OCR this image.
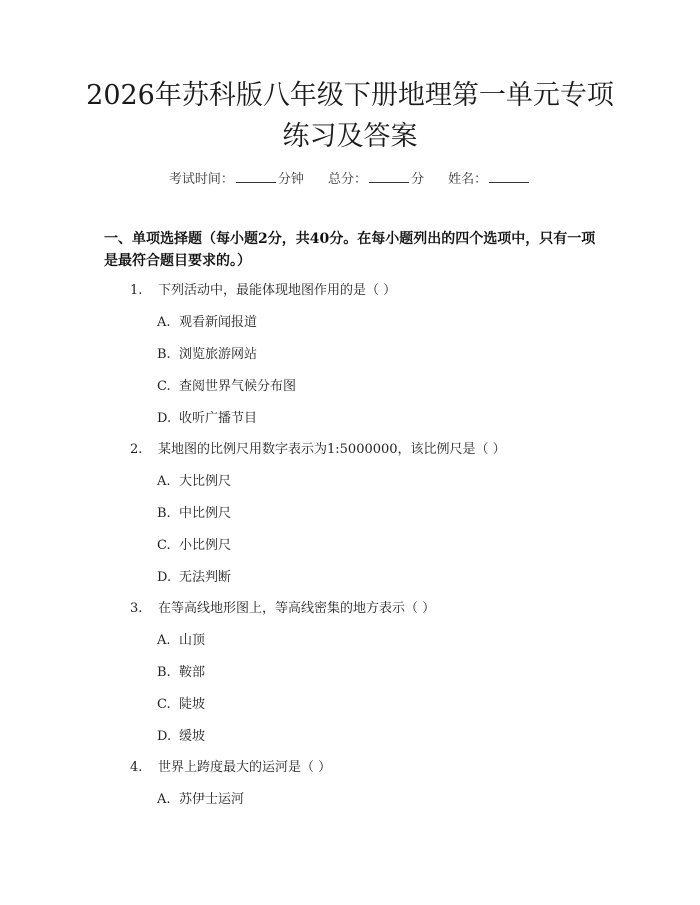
2026年苏科版八年级下册地理第一单元专项
练习及答案
考试时间：	分钟 总分：	分 姓名：
一、单项选择题（每小题2分，共40分。在每小题列出的四个选项中，只有一项是最符合题目要求的。）
1. 下列活动中，最能体现地图作用的是（ ）
A. 观看新闻报道
B. 浏览旅游网站
C. 查阅世界气候分布图
D. 收听广播节目
2. 某地图的比例尺用数字表示为1:5000000，该比例尺是（ ）
A. 大比例尺
B. 中比例尺
C. 小比例尺
D. 无法判断
3. 在等高线地形图上，等高线密集的地方表示（ ）
A. 山顶
B. 鞍部
C. 陡坡
D. 缓坡
4. 世界上跨度最大的运河是（ ）
A. 苏伊士运河
